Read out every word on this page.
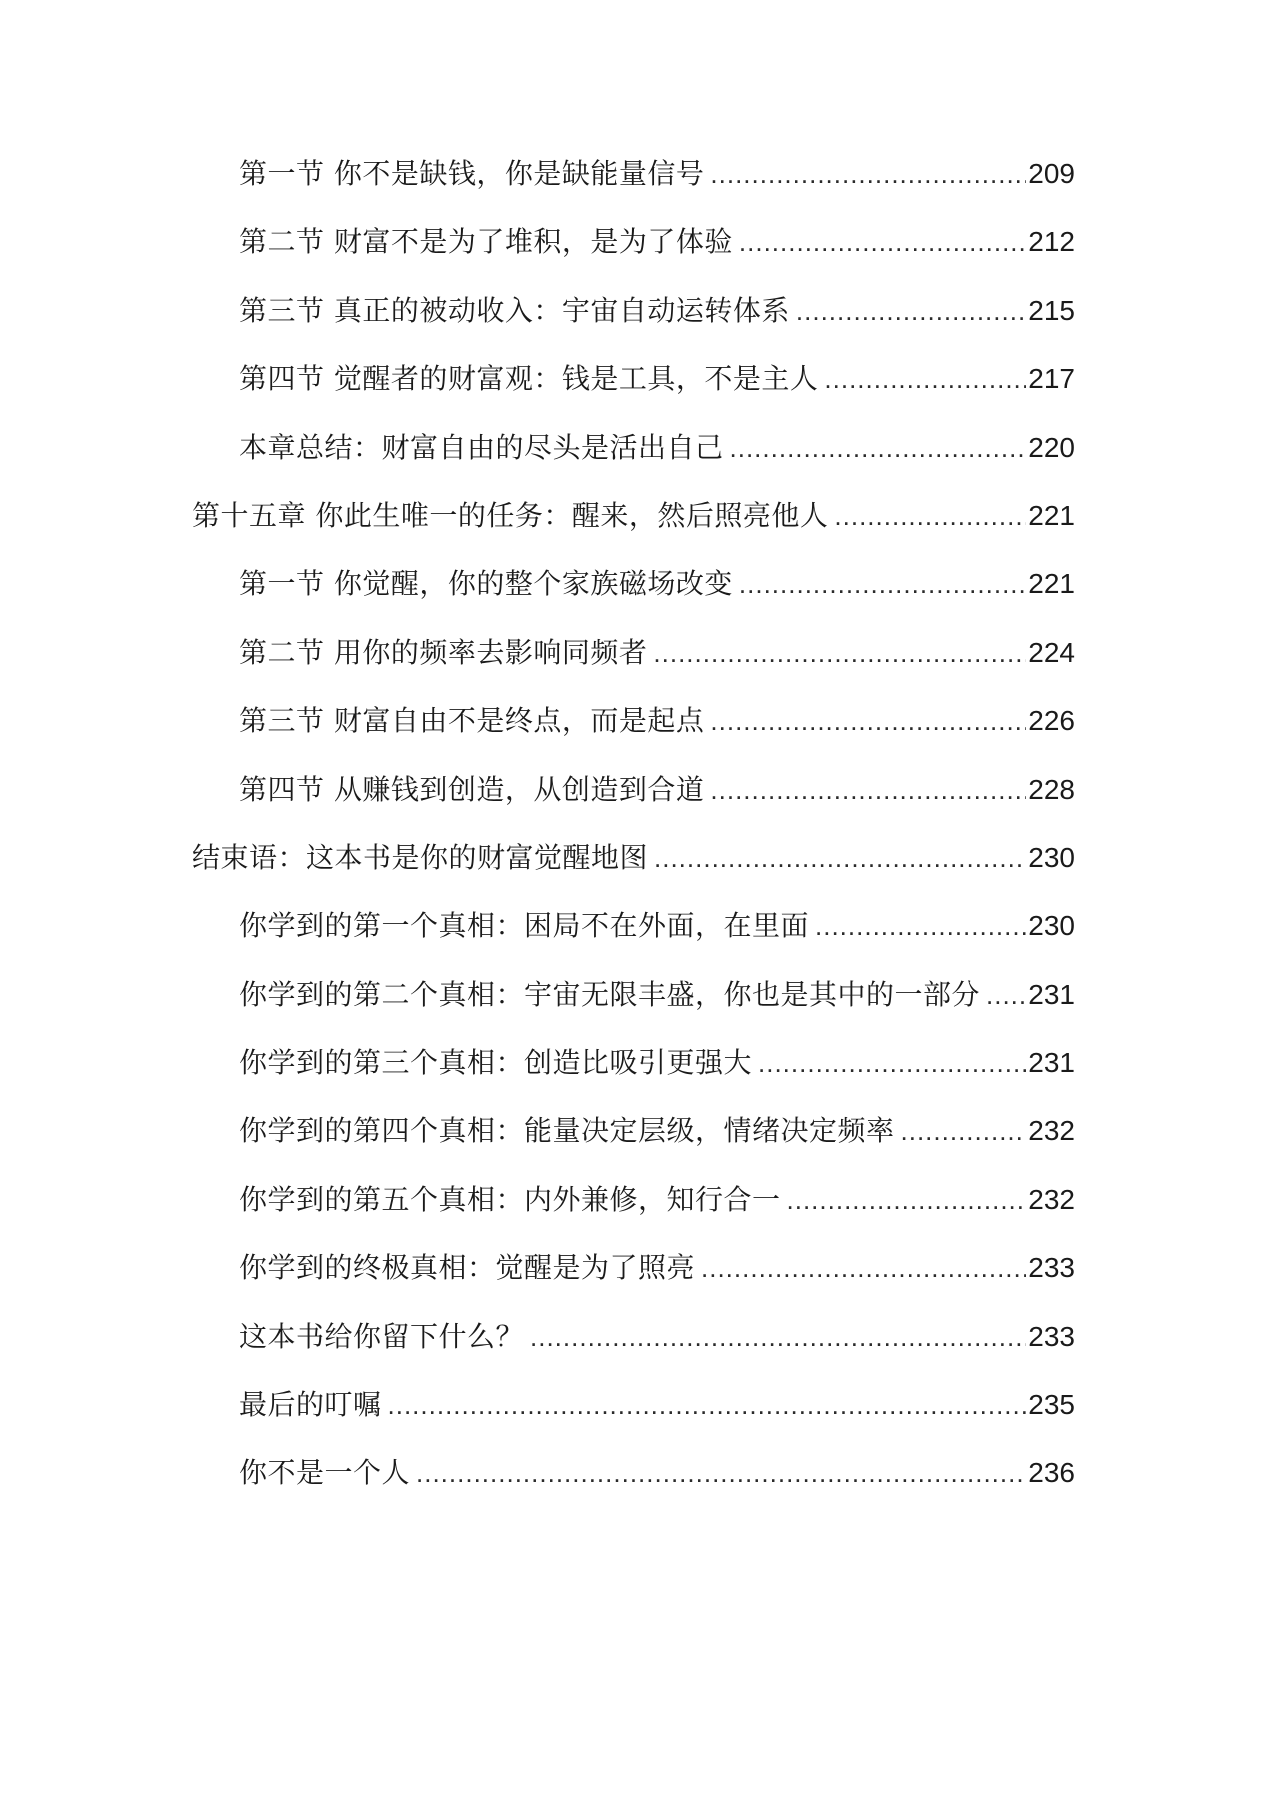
第一节 你不是缺钱，你是缺能量信号 .....	209
第二节 财富不是为了堆积，是为了体验 .....	212
第三节 真正的被动收入：宇宙自动运转体系 .....	215
第四节 觉醒者的财富观：钱是工具，不是主人 .....	217
本章总结：财富自由的尽头是活出自己 .....	220
第十五章 你此生唯一的任务：醒来，然后照亮他人 .....	221
第一节 你觉醒，你的整个家族磁场改变 .....	221
第二节 用你的频率去影响同频者 .....	224
第三节 财富自由不是终点，而是起点 .....	226
第四节 从赚钱到创造，从创造到合道 .....	228
结束语：这本书是你的财富觉醒地图 .....	230
你学到的第一个真相：困局不在外面，在里面 .....	230
你学到的第二个真相：宇宙无限丰盛，你也是其中的一部分 ..... 231
你学到的第三个真相：创造比吸引更强大 .....	231
你学到的第四个真相：能量决定层级，情绪决定频率 .....	232
你学到的第五个真相：内外兼修，知行合一 .....	232
你学到的终极真相：觉醒是为了照亮 .....	233
这本书给你留下什么？ .....	233
最后的叮嘱 .....	235
你不是一个人 .....	236
